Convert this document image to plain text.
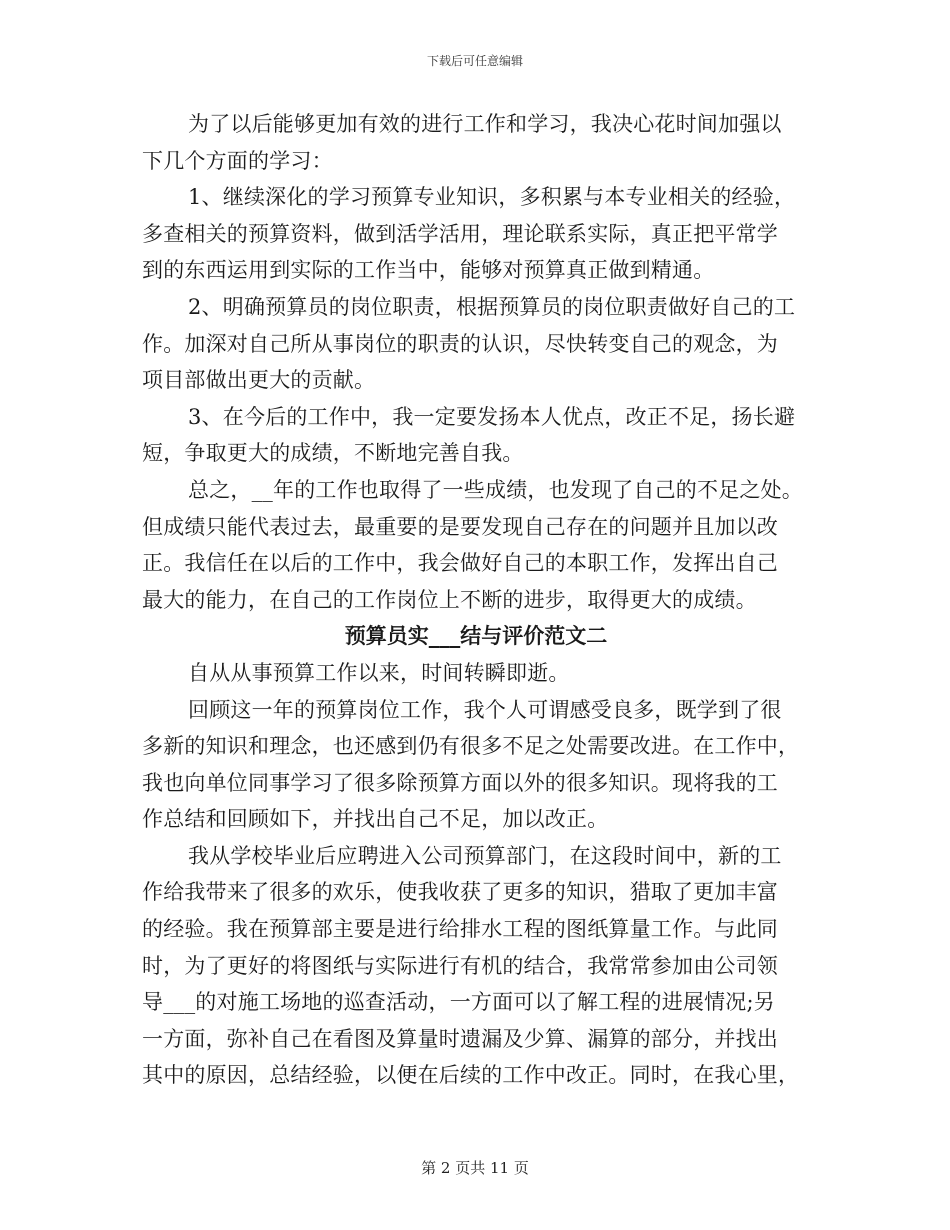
下载后可任意编辑
为了以后能够更加有效的进行工作和学习，我决心花时间加强以
下几个方面的学习：
1、继续深化的学习预算专业知识，多积累与本专业相关的经验，
多查相关的预算资料，做到活学活用，理论联系实际，真正把平常学
到的东西运用到实际的工作当中，能够对预算真正做到精通。
2、明确预算员的岗位职责，根据预算员的岗位职责做好自己的工
作。加深对自己所从事岗位的职责的认识，尽快转变自己的观念，为
项目部做出更大的贡献。
3、在今后的工作中，我一定要发扬本人优点，改正不足，扬长避
短，争取更大的成绩，不断地完善自我。
总之，__年的工作也取得了一些成绩，也发现了自己的不足之处。
但成绩只能代表过去，最重要的是要发现自己存在的问题并且加以改
正。我信任在以后的工作中，我会做好自己的本职工作，发挥出自己
最大的能力，在自己的工作岗位上不断的进步，取得更大的成绩。
预算员实___结与评价范文二
自从从事预算工作以来，时间转瞬即逝。
回顾这一年的预算岗位工作，我个人可谓感受良多，既学到了很
多新的知识和理念，也还感到仍有很多不足之处需要改进。在工作中，
我也向单位同事学习了很多除预算方面以外的很多知识。现将我的工
作总结和回顾如下，并找出自己不足，加以改正。
我从学校毕业后应聘进入公司预算部门，在这段时间中，新的工
作给我带来了很多的欢乐，使我收获了更多的知识，猎取了更加丰富
的经验。我在预算部主要是进行给排水工程的图纸算量工作。与此同
时，为了更好的将图纸与实际进行有机的结合，我常常参加由公司领
导___的对施工场地的巡查活动，一方面可以了解工程的进展情况;另
一方面，弥补自己在看图及算量时遗漏及少算、漏算的部分，并找出
其中的原因，总结经验，以便在后续的工作中改正。同时，在我心里，
第 2 页共 11 页
